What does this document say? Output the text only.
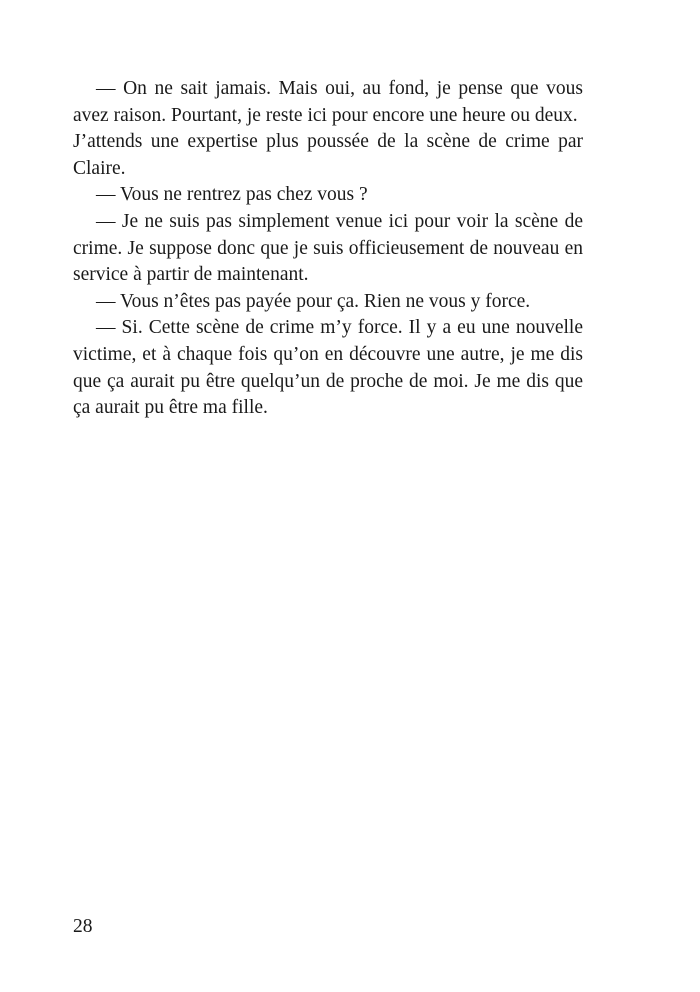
— On ne sait jamais. Mais oui, au fond, je pense que vous avez raison. Pourtant, je reste ici pour encore une heure ou deux.

J’attends une expertise plus poussée de la scène de crime par Claire.

— Vous ne rentrez pas chez vous ?

— Je ne suis pas simplement venue ici pour voir la scène de crime. Je suppose donc que je suis officieusement de nouveau en service à partir de maintenant.

— Vous n’êtes pas payée pour ça. Rien ne vous y force.

— Si. Cette scène de crime m’y force. Il y a eu une nouvelle victime, et à chaque fois qu’on en découvre une autre, je me dis que ça aurait pu être quelqu’un de proche de moi. Je me dis que ça aurait pu être ma fille.

28
